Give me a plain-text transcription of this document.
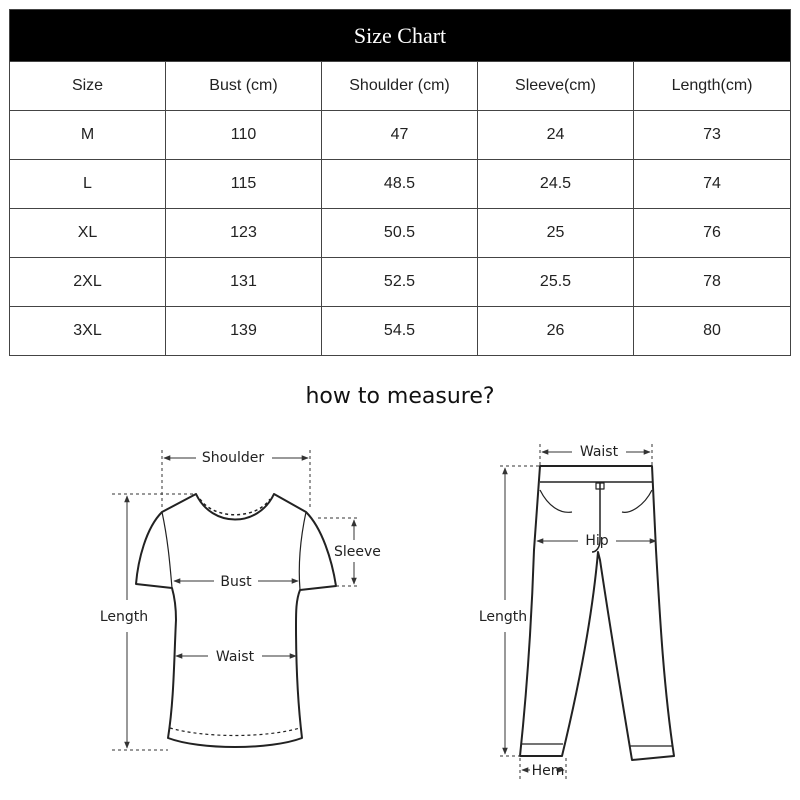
Size Chart				
Size	Bust (cm)	Shoulder (cm)	Sleeve(cm)	Length(cm)
M	110	47	24	73
L	115	48.5	24.5	74
XL	123	50.5	25	76
2XL	131	52.5	25.5	78
3XL	139	54.5	26	80
how to measure?
Shoulder
Sleeve
Length
Bust
Waist
Waist
Hip
Length
Hem
